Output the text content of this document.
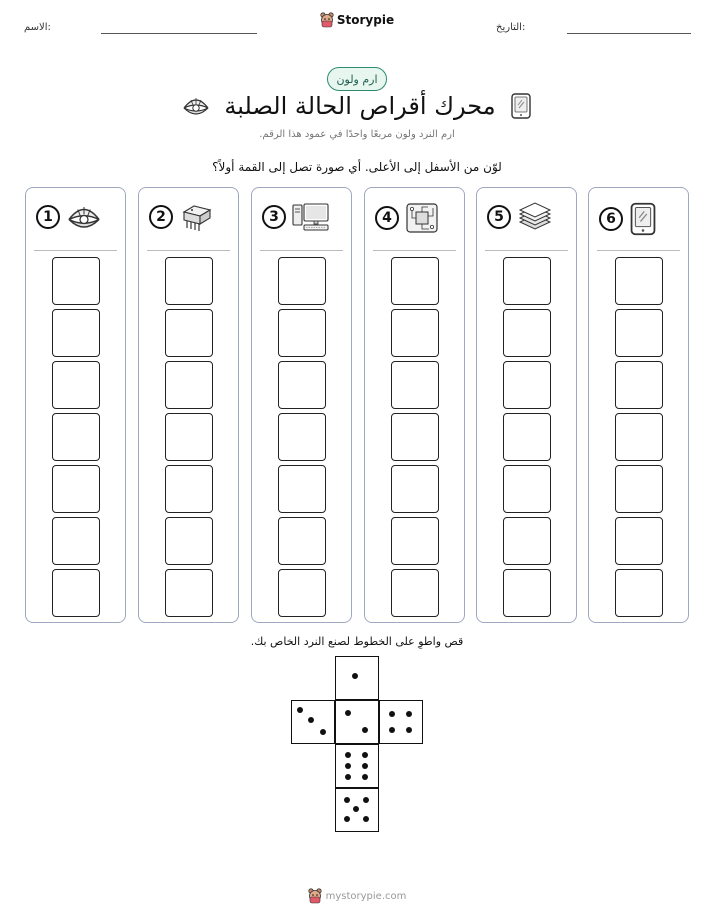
الاسم:	التاريخ:
Storypie
ارم ولون
محرك أقراص الحالة الصلبة
ارم النرد ولون مربعًا واحدًا في عمود هذا الرقم.
لوّن من الأسفل إلى الأعلى. أي صورة تصل إلى القمة أولاً؟
1	2	3	4	5	6
قص واطوِ على الخطوط لصنع النرد الخاص بك.
mystorypie.com
